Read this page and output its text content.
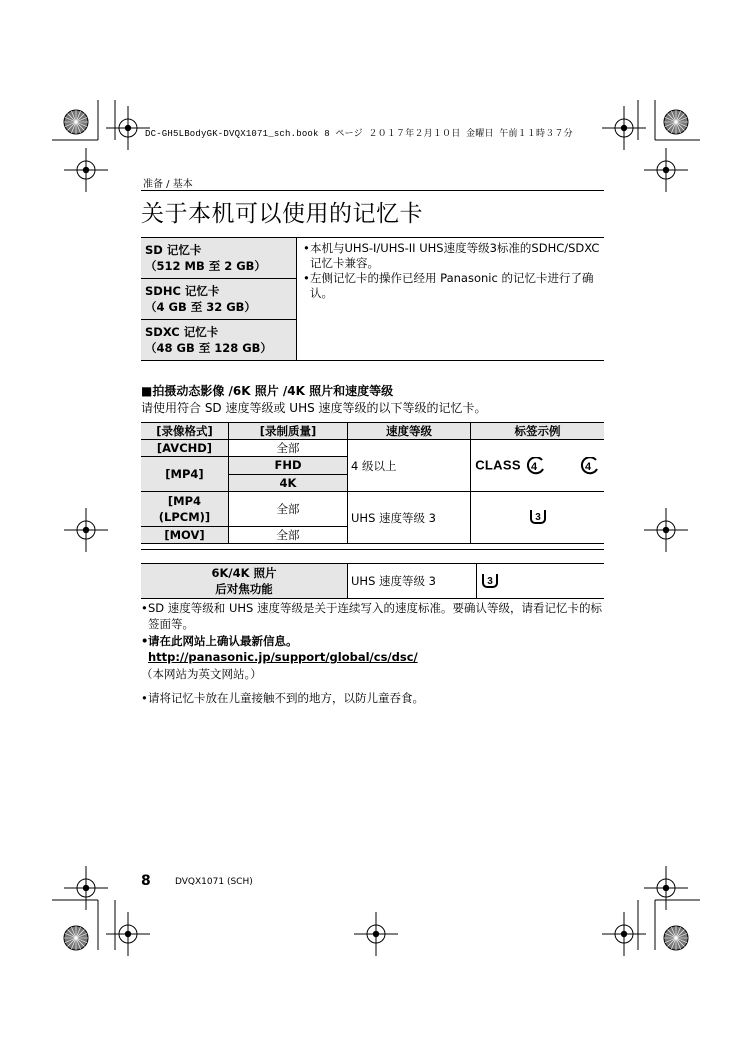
DC-GH5LBodyGK-DVQX1071_sch.book 8 ページ ２０１７年２月１０日 金曜日 午前１１時３７分
准备 / 基本
关于本机可以使用的记忆卡
SD 记忆卡
（512 MB 至 2 GB）

• 本机与UHS-I/UHS-II UHS速度等级3标准的SDHC/SDXC 记忆卡兼容。
• 左侧记忆卡的操作已经用 Panasonic 的记忆卡进行了确认。

SDHC 记忆卡
（4 GB 至 32 GB）

SDXC 记忆卡
（48 GB 至 128 GB）
■拍摄动态影像 /6K 照片 /4K 照片和速度等级
请使用符合 SD 速度等级或 UHS 速度等级的以下等级的记忆卡。
[录像格式]	[录制质量]	速度等级	标签示例
[AVCHD]	全部	4 级以上	CLASS 4
4

[MP4]	FHD		
	4K		
[MP4 (LPCM)]	全部	UHS 速度等级 3	3

[MOV]	全部		
6K/4K 照片
后对焦功能
	UHS 速度等级 3	3
• SD 速度等级和 UHS 速度等级是关于连续写入的速度标准。要确认等级，请看记忆卡的标签面等。
• 请在此网站上确认最新信息。
http://panasonic.jp/support/global/cs/dsc/
（本网站为英文网站。）
• 请将记忆卡放在儿童接触不到的地方，以防儿童吞食。
8	DVQX1071 (SCH)
